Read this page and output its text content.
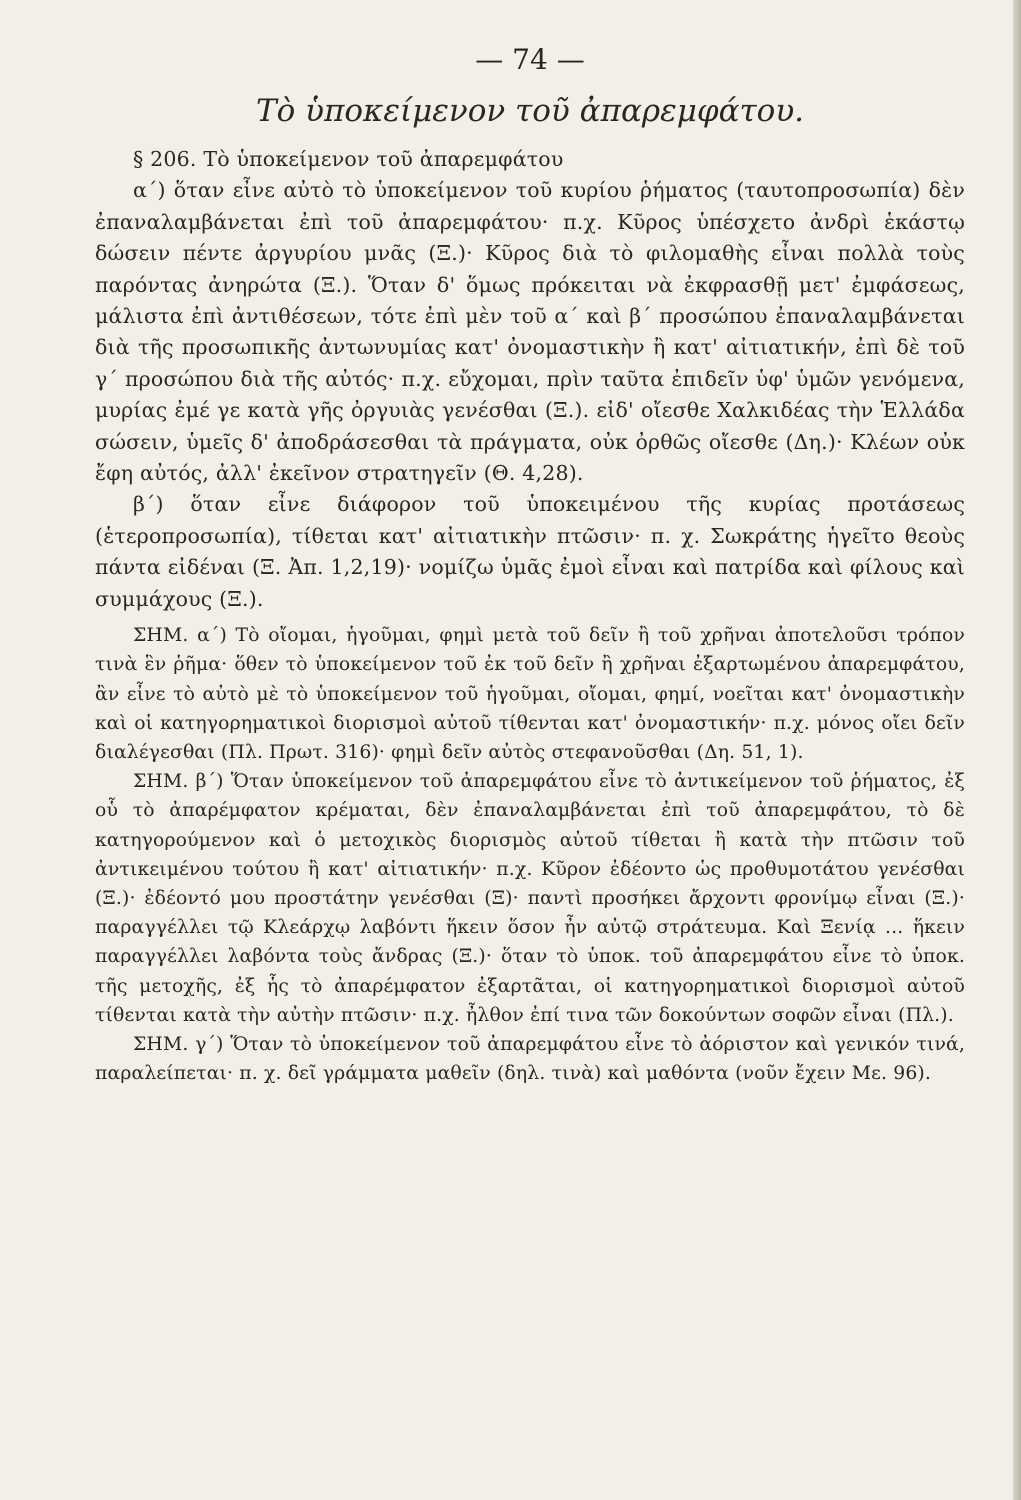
— 74 —
Τὸ ὑποκείμενον τοῦ ἀπαρεμφάτου.

§ 206. Τὸ ὑποκείμενον τοῦ ἀπαρεμφάτου

α΄) ὅταν εἶνε αὐτὸ τὸ ὑποκείμενον τοῦ κυρίου ῥήματος (ταυτοπροσωπία) δὲν ἐπαναλαμβάνεται ἐπὶ τοῦ ἀπαρεμφάτου· π.χ. Κῦρος ὑπέσχετο ἀνδρὶ ἑκάστῳ δώσειν πέντε ἀργυρίου μνᾶς (Ξ.)· Κῦρος διὰ τὸ φιλομαθὴς εἶναι πολλὰ τοὺς παρόντας ἀνηρώτα (Ξ.). Ὅταν δ' ὅμως πρόκειται νὰ ἐκφρασθῇ μετ' ἐμφάσεως, μάλιστα ἐπὶ ἀντιθέσεων, τότε ἐπὶ μὲν τοῦ α΄ καὶ β΄ προσώπου ἐπαναλαμβάνεται διὰ τῆς προσωπικῆς ἀντωνυμίας κατ' ὀνομαστικὴν ἢ κατ' αἰτιατικήν, ἐπὶ δὲ τοῦ γ΄ προσώπου διὰ τῆς αὐτός· π.χ. εὔχομαι, πρὶν ταῦτα ἐπιδεῖν ὑφ' ὑμῶν γενόμενα, μυρίας ἐμέ γε κατὰ γῆς ὀργυιὰς γενέσθαι (Ξ.). εἰδ' οἴεσθε Χαλκιδέας τὴν Ἑλλάδα σώσειν, ὑμεῖς δ' ἀποδράσεσθαι τὰ πράγματα, οὐκ ὀρθῶς οἴεσθε (Δη.)· Κλέων οὐκ ἔφη αὐτός, ἀλλ' ἐκεῖνον στρατηγεῖν (Θ. 4,28).

β΄) ὅταν εἶνε διάφορον τοῦ ὑποκειμένου τῆς κυρίας προτάσεως (ἑτεροπροσωπία), τίθεται κατ' αἰτιατικὴν πτῶσιν· π. χ. Σωκράτης ἡγεῖτο θεοὺς πάντα εἰδέναι (Ξ. Ἀπ. 1,2,19)· νομίζω ὑμᾶς ἐμοὶ εἶναι καὶ πατρίδα καὶ φίλους καὶ συμμάχους (Ξ.).

ΣΗΜ. α΄) Τὸ οἴομαι, ἡγοῦμαι, φημὶ μετὰ τοῦ δεῖν ἢ τοῦ χρῆναι ἀποτελοῦσι τρόπον τινὰ ἓν ῥῆμα· ὅθεν τὸ ὑποκείμενον τοῦ ἐκ τοῦ δεῖν ἢ χρῆναι ἐξαρτωμένου ἀπαρεμφάτου, ἂν εἶνε τὸ αὐτὸ μὲ τὸ ὑποκείμενον τοῦ ἡγοῦμαι, οἴομαι, φημί, νοεῖται κατ' ὀνομαστικὴν καὶ οἱ κατηγορηματικοὶ διορισμοὶ αὐτοῦ τίθενται κατ' ὀνομαστικήν· π.χ. μόνος οἴει δεῖν διαλέγεσθαι (Πλ. Πρωτ. 316)· φημὶ δεῖν αὐτὸς στεφανοῦσθαι (Δη. 51, 1).

ΣΗΜ. β΄) Ὅταν ὑποκείμενον τοῦ ἀπαρεμφάτου εἶνε τὸ ἀντικείμενον τοῦ ῥήματος, ἐξ οὗ τὸ ἀπαρέμφατον κρέμαται, δὲν ἐπαναλαμβάνεται ἐπὶ τοῦ ἀπαρεμφάτου, τὸ δὲ κατηγορούμενον καὶ ὁ μετοχικὸς διορισμὸς αὐτοῦ τίθεται ἢ κατὰ τὴν πτῶσιν τοῦ ἀντικειμένου τούτου ἢ κατ' αἰτιατικήν· π.χ. Κῦρον ἐδέοντο ὡς προθυμοτάτου γενέσθαι (Ξ.)· ἐδέοντό μου προστάτην γενέσθαι (Ξ)· παντὶ προσήκει ἄρχοντι φρονίμῳ εἶναι (Ξ.)· παραγγέλλει τῷ Κλεάρχῳ λαβόντι ἥκειν ὅσον ἦν αὐτῷ στράτευμα. Καὶ Ξενίᾳ ... ἥκειν παραγγέλλει λαβόντα τοὺς ἄνδρας (Ξ.)· ὅταν τὸ ὑποκ. τοῦ ἀπαρεμφάτου εἶνε τὸ ὑποκ. τῆς μετοχῆς, ἐξ ἧς τὸ ἀπαρέμφατον ἐξαρτᾶται, οἱ κατηγορηματικοὶ διορισμοὶ αὐτοῦ τίθενται κατὰ τὴν αὐτὴν πτῶσιν· π.χ. ἦλθον ἐπί τινα τῶν δοκούντων σοφῶν εἶναι (Πλ.).

ΣΗΜ. γ΄) Ὅταν τὸ ὑποκείμενον τοῦ ἀπαρεμφάτου εἶνε τὸ ἀόριστον καὶ γενικόν τινά, παραλείπεται· π. χ. δεῖ γράμματα μαθεῖν (δηλ. τινὰ) καὶ μαθόντα (νοῦν ἔχειν Με. 96).
